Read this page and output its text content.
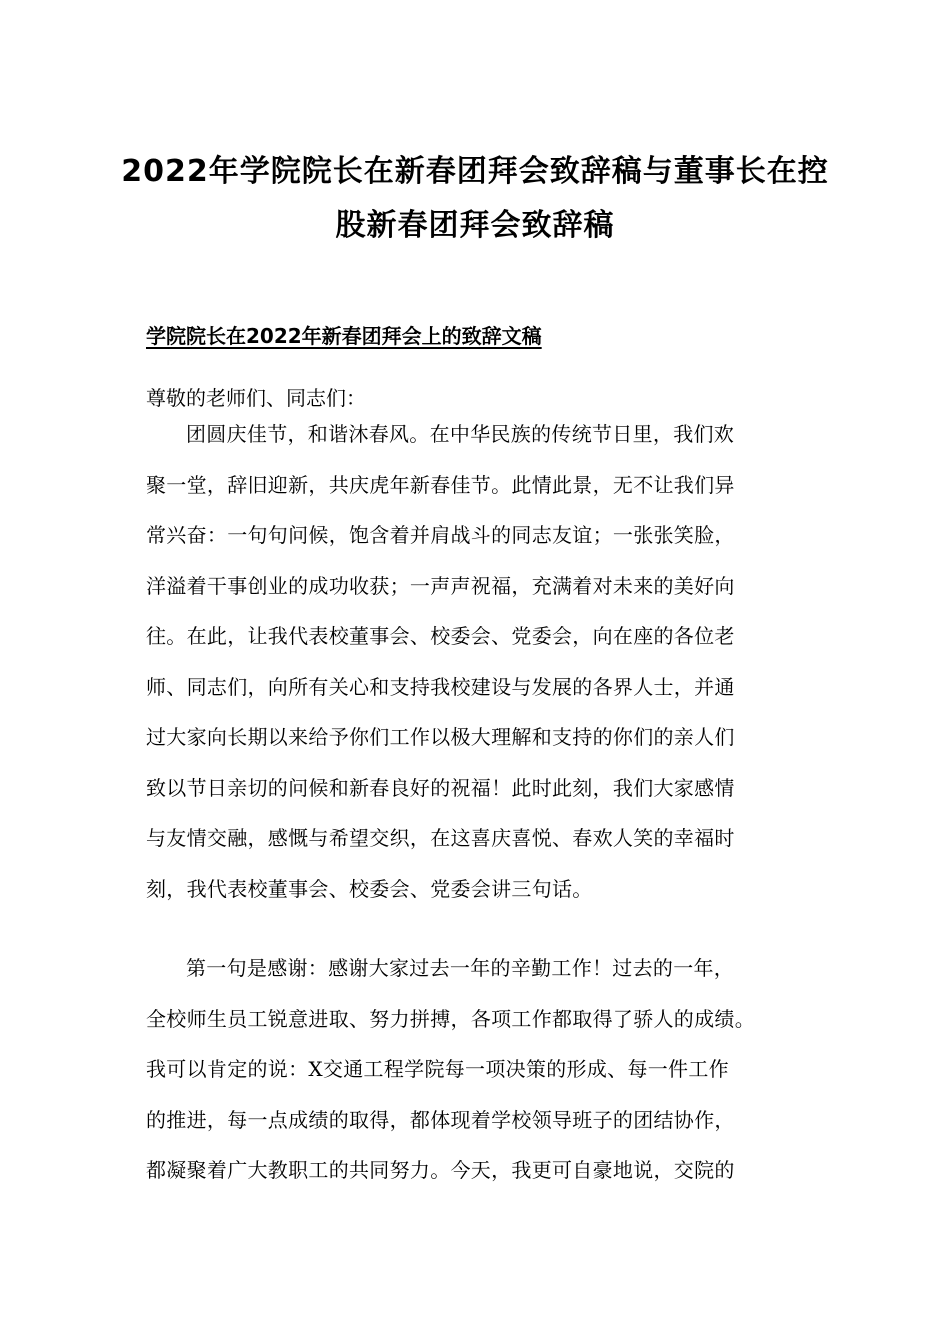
2022年学院院长在新春团拜会致辞稿与董事长在控
股新春团拜会致辞稿
学院院长在2022年新春团拜会上的致辞文稿
尊敬的老师们、同志们：
团圆庆佳节，和谐沐春风。在中华民族的传统节日里，我们欢
聚一堂，辞旧迎新，共庆虎年新春佳节。此情此景，无不让我们异
常兴奋：一句句问候，饱含着并肩战斗的同志友谊；一张张笑脸，
洋溢着干事创业的成功收获；一声声祝福，充满着对未来的美好向
往。在此，让我代表校董事会、校委会、党委会，向在座的各位老
师、同志们，向所有关心和支持我校建设与发展的各界人士，并通
过大家向长期以来给予你们工作以极大理解和支持的你们的亲人们
致以节日亲切的问候和新春良好的祝福！此时此刻，我们大家感情
与友情交融，感慨与希望交织，在这喜庆喜悦、春欢人笑的幸福时
刻，我代表校董事会、校委会、党委会讲三句话。
第一句是感谢：感谢大家过去一年的辛勤工作！过去的一年，
全校师生员工锐意进取、努力拼搏，各项工作都取得了骄人的成绩。
我可以肯定的说：X交通工程学院每一项决策的形成、每一件工作
的推进，每一点成绩的取得，都体现着学校领导班子的团结协作，
都凝聚着广大教职工的共同努力。今天，我更可自豪地说，交院的
